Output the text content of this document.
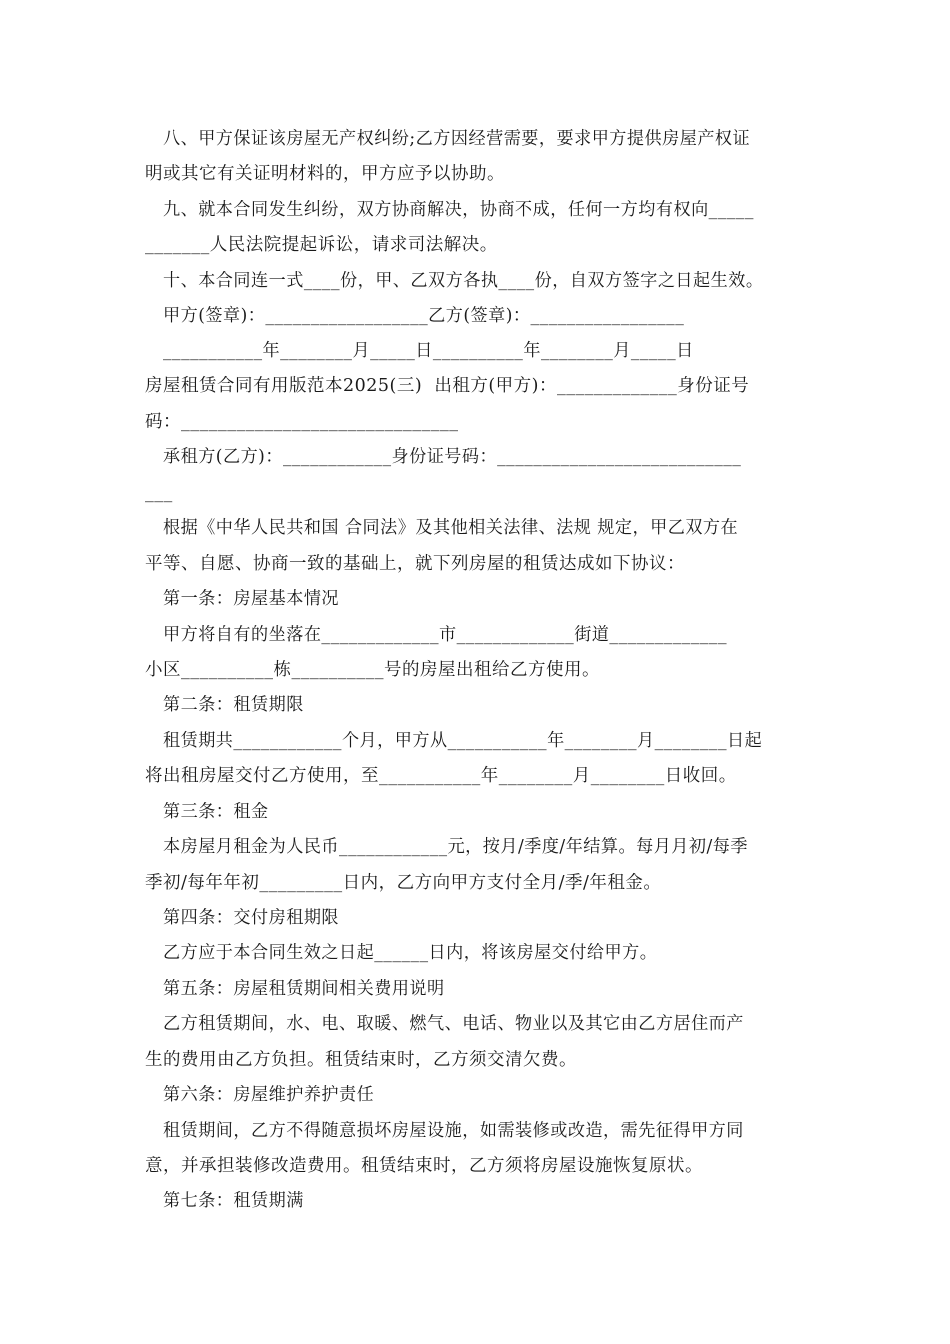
八、甲方保证该房屋无产权纠纷;乙方因经营需要，要求甲方提供房屋产权证
明或其它有关证明材料的，甲方应予以协助。
九、就本合同发生纠纷，双方协商解决，协商不成，任何一方均有权向_____
_______人民法院提起诉讼，请求司法解决。
十、本合同连一式____份，甲、乙双方各执____份，自双方签字之日起生效。
甲方(签章)：__________________乙方(签章)：_________________
___________年________月_____日__________年________月_____日
房屋租赁合同有用版范本2025(三)  出租方(甲方)：_____________身份证号
码：______________________________
承租方(乙方)：____________身份证号码：___________________________
___
根据《中华人民共和国 合同法》及其他相关法律、法规 规定，甲乙双方在
平等、自愿、协商一致的基础上，就下列房屋的租赁达成如下协议：
第一条：房屋基本情况
甲方将自有的坐落在_____________市_____________街道_____________
小区__________栋__________号的房屋出租给乙方使用。
第二条：租赁期限
租赁期共____________个月，甲方从___________年________月________日起
将出租房屋交付乙方使用，至___________年________月________日收回。
第三条：租金
本房屋月租金为人民币____________元，按月/季度/年结算。每月月初/每季
季初/每年年初_________日内，乙方向甲方支付全月/季/年租金。
第四条：交付房租期限
乙方应于本合同生效之日起______日内，将该房屋交付给甲方。
第五条：房屋租赁期间相关费用说明
乙方租赁期间，水、电、取暖、燃气、电话、物业以及其它由乙方居住而产
生的费用由乙方负担。租赁结束时，乙方须交清欠费。
第六条：房屋维护养护责任
租赁期间，乙方不得随意损坏房屋设施，如需装修或改造，需先征得甲方同
意，并承担装修改造费用。租赁结束时，乙方须将房屋设施恢复原状。
第七条：租赁期满
